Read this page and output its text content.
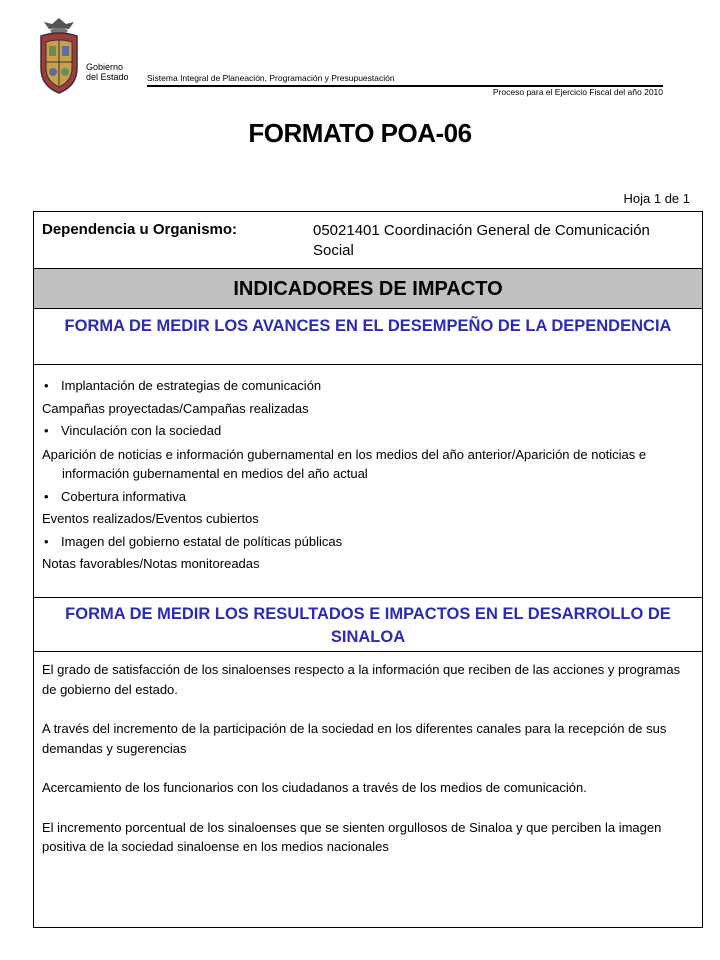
Gobierno
del Estado Sistema Integral de Planeación, Programación y Presupuestación
Proceso para el Ejercicio Fiscal del año 2010
FORMATO POA-06
Hoja 1 de 1
Dependencia u Organismo:	05021401 Coordinación General de Comunicación Social
INDICADORES DE IMPACTO
FORMA DE MEDIR LOS AVANCES EN EL DESEMPEÑO DE LA DEPENDENCIA
• Implantación de estrategias de comunicación
Campañas proyectadas/Campañas realizadas
• Vinculación con la sociedad
Aparición de noticias e información gubernamental en los medios del año anterior/Aparición de noticias e información gubernamental en medios del año actual
• Cobertura informativa
Eventos realizados/Eventos cubiertos
• Imagen del gobierno estatal de políticas públicas
Notas favorables/Notas monitoreadas
FORMA DE MEDIR LOS RESULTADOS E IMPACTOS EN EL DESARROLLO DE SINALOA

El grado de satisfacción de los sinaloenses respecto a la información que reciben de las acciones y programas de gobierno del estado.

A través del incremento de la participación de la sociedad en los diferentes canales para la recepción de sus demandas y sugerencias

Acercamiento de los funcionarios con los ciudadanos a través de los medios de comunicación.

El incremento porcentual de los sinaloenses que se sienten orgullosos de Sinaloa y que perciben la imagen positiva de la sociedad sinaloense en los medios nacionales
